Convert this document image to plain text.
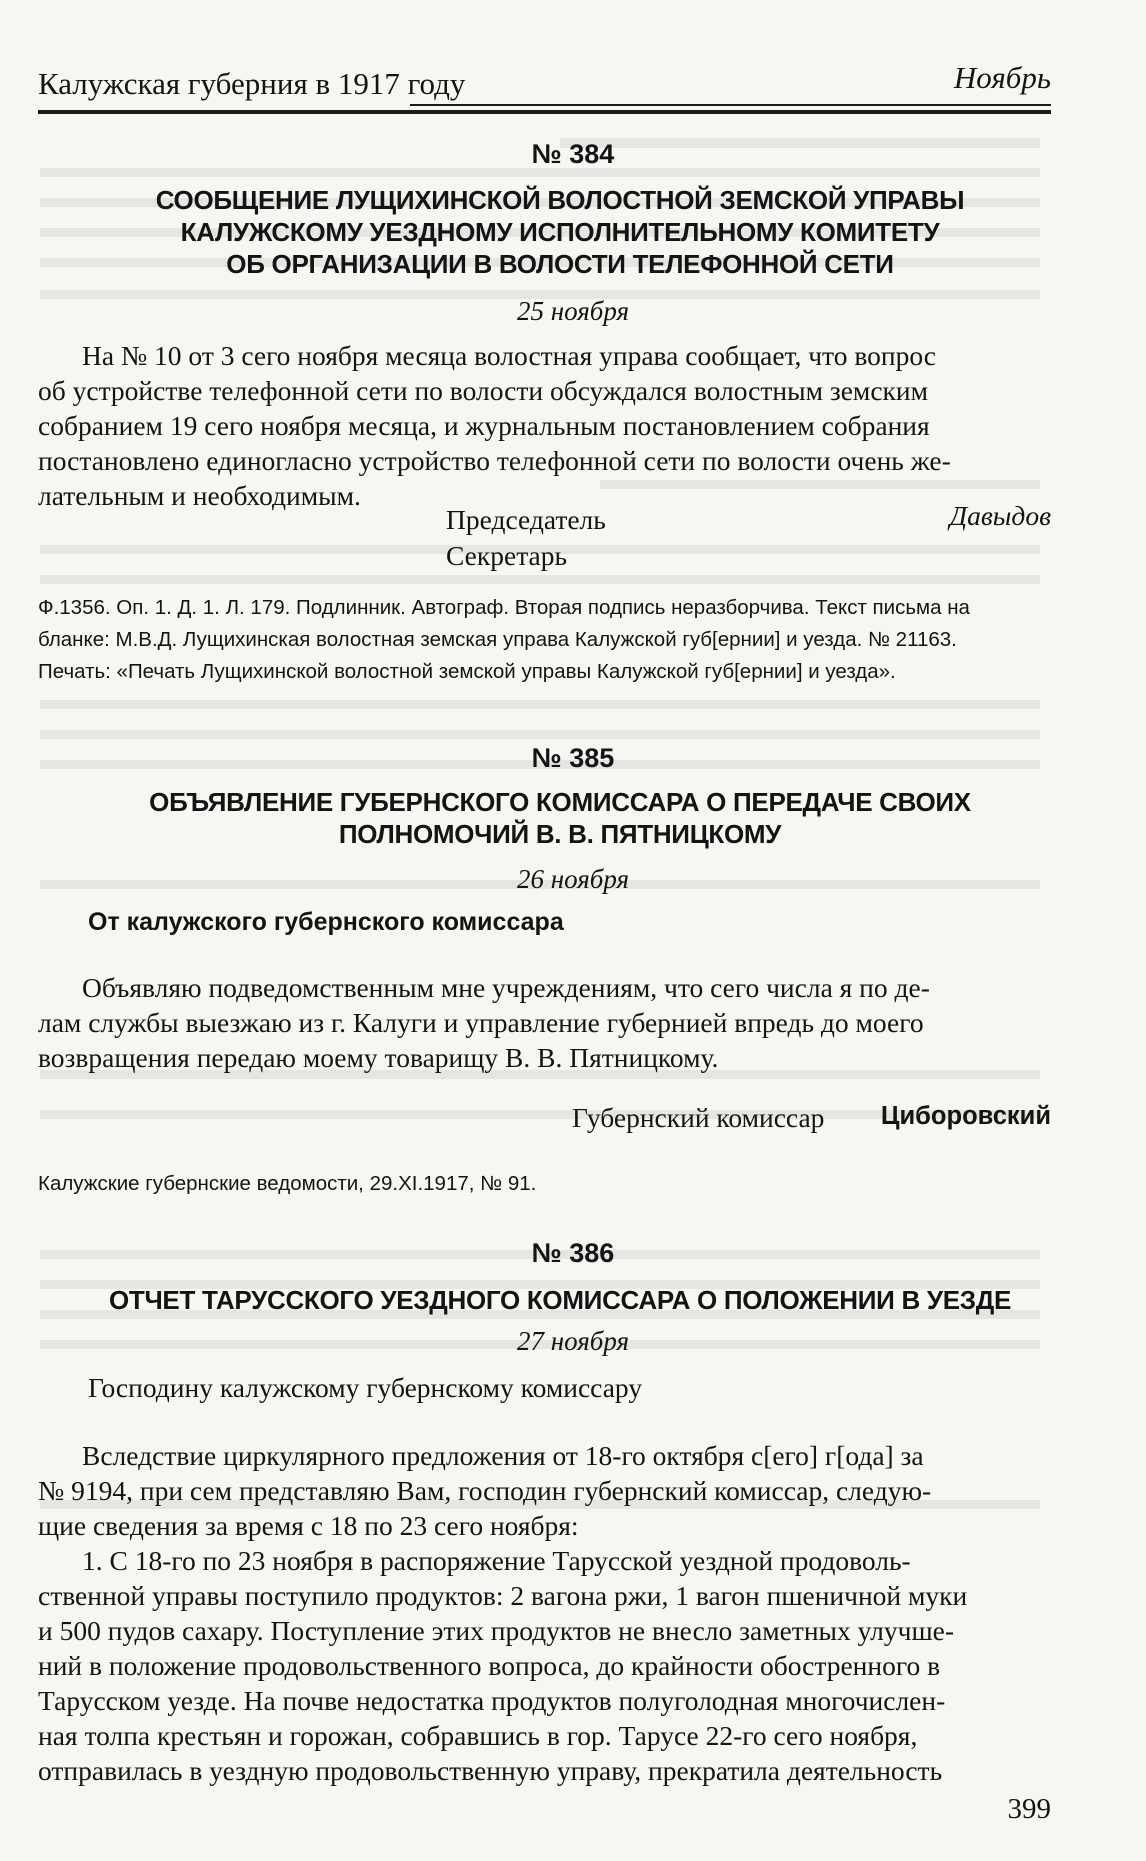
Калужская губерния в 1917 году	Ноябрь
№ 384
СООБЩЕНИЕ ЛУЩИХИНСКОЙ ВОЛОСТНОЙ ЗЕМСКОЙ УПРАВЫ
КАЛУЖСКОМУ УЕЗДНОМУ ИСПОЛНИТЕЛЬНОМУ КОМИТЕТУ
ОБ ОРГАНИЗАЦИИ В ВОЛОСТИ ТЕЛЕФОННОЙ СЕТИ
25 ноября
На № 10 от 3 сего ноября месяца волостная управа сообщает, что вопрос
об устройстве телефонной сети по волости обсуждался волостным земским
собранием 19 сего ноября месяца, и журнальным постановлением собрания
постановлено единогласно устройство телефонной сети по волости очень же-
лательным и необходимым.
Председатель	Давыдов
Секретарь
Ф.1356. Оп. 1. Д. 1. Л. 179. Подлинник. Автограф. Вторая подпись неразборчива. Текст письма на
бланке: М.В.Д. Лущихинская волостная земская управа Калужской губ[ернии] и уезда. № 21163.
Печать: «Печать Лущихинской волостной земской управы Калужской губ[ернии] и уезда».
№ 385
ОБЪЯВЛЕНИЕ ГУБЕРНСКОГО КОМИССАРА О ПЕРЕДАЧЕ СВОИХ
ПОЛНОМОЧИЙ В. В. ПЯТНИЦКОМУ
26 ноября
От калужского губернского комиссара
Объявляю подведомственным мне учреждениям, что сего числа я по де-
лам службы выезжаю из г. Калуги и управление губернией впредь до моего
возвращения передаю моему товарищу В. В. Пятницкому.
Губернский комиссар Циборовский
Калужские губернские ведомости, 29.XI.1917, № 91.
№ 386
ОТЧЕТ ТАРУССКОГО УЕЗДНОГО КОМИССАРА О ПОЛОЖЕНИИ В УЕЗДЕ
27 ноября
Господину калужскому губернскому комиссару
Вследствие циркулярного предложения от 18-го октября с[его] г[ода] за
№ 9194, при сем представляю Вам, господин губернский комиссар, следую-
щие сведения за время с 18 по 23 сего ноября:
1. С 18-го по 23 ноября в распоряжение Тарусской уездной продоволь-
ственной управы поступило продуктов: 2 вагона ржи, 1 вагон пшеничной муки
и 500 пудов сахару. Поступление этих продуктов не внесло заметных улучше-
ний в положение продовольственного вопроса, до крайности обостренного в
Тарусском уезде. На почве недостатка продуктов полуголодная многочислен-
ная толпа крестьян и горожан, собравшись в гор. Тарусе 22-го сего ноября,
отправилась в уездную продовольственную управу, прекратила деятельность
399
